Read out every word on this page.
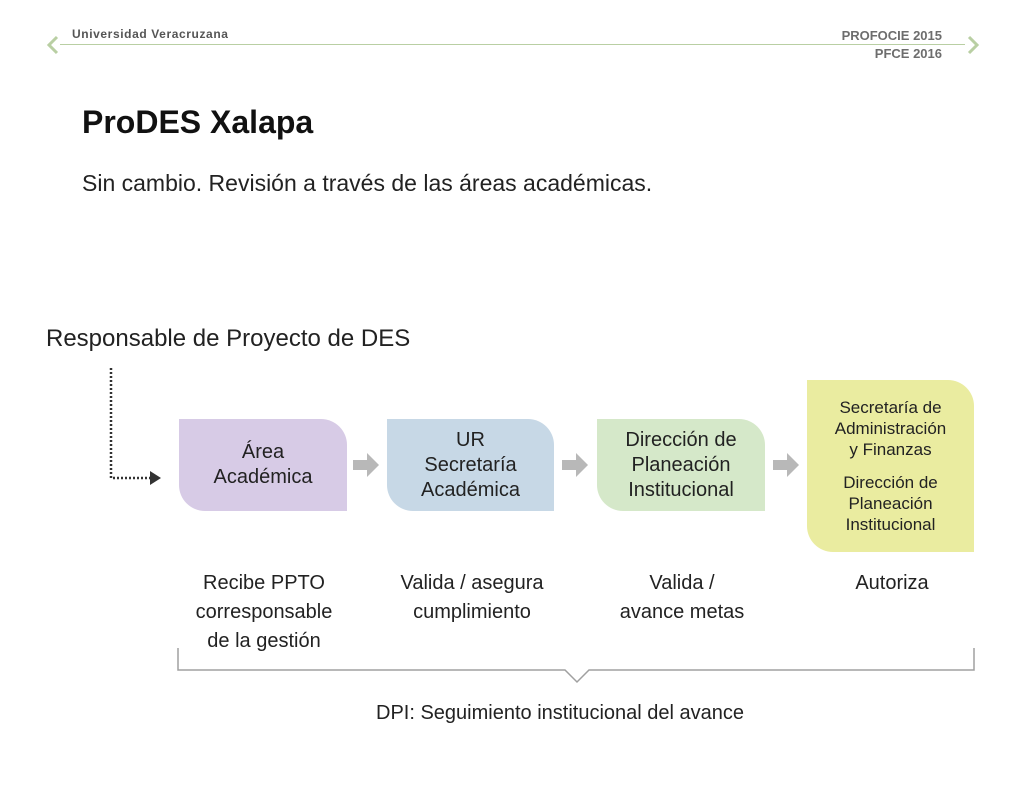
Universidad Veracruzana	PROFOCIE 2015
PFCE 2016
ProDES Xalapa
Sin cambio. Revisión a través de las áreas académicas.
Responsable de Proyecto de DES
Área
Académica
UR
Secretaría
Académica
Dirección de
Planeación
Institucional
Secretaría de
Administración
y Finanzas
Dirección de
Planeación
Institucional
Recibe PPTO
corresponsable
de la gestión
Valida / asegura
cumplimiento
Valida /
avance metas
Autoriza
DPI: Seguimiento institucional del avance
